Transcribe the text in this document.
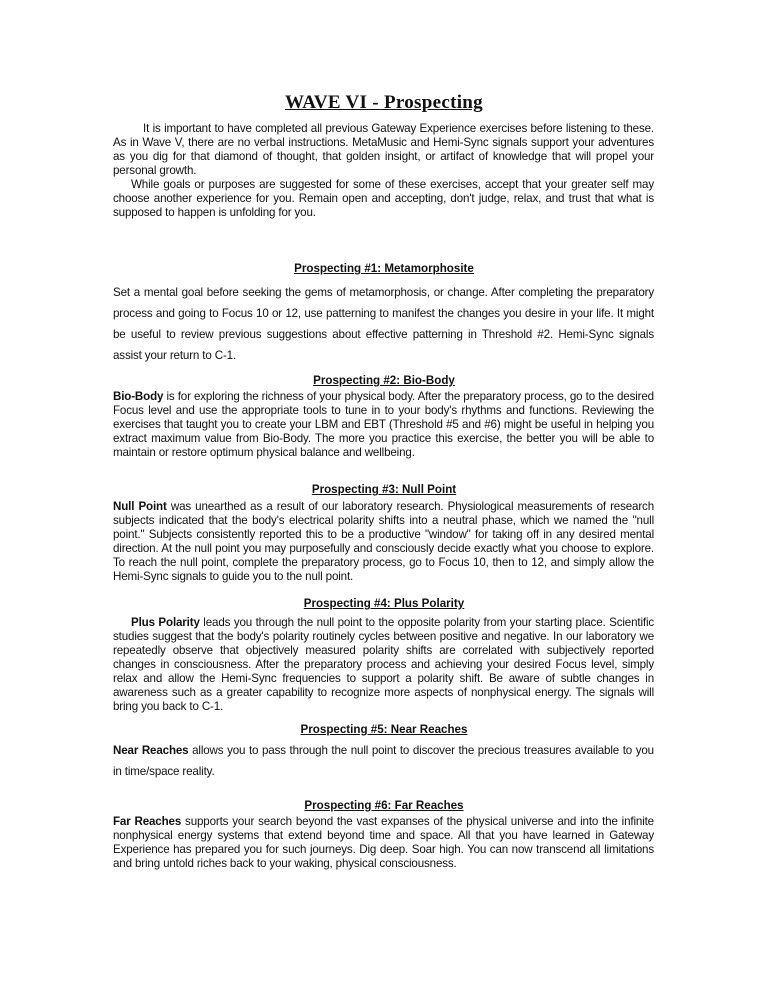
WAVE VI - Prospecting

It is important to have completed all previous Gateway Experience exercises before listening to these. As in Wave V, there are no verbal instructions. MetaMusic and Hemi-Sync signals support your adventures as you dig for that diamond of thought, that golden insight, or artifact of knowledge that will propel your personal growth.

While goals or purposes are suggested for some of these exercises, accept that your greater self may choose another experience for you. Remain open and accepting, don't judge, relax, and trust that what is supposed to happen is unfolding for you.

Prospecting #1: Metamorphosite

Set a mental goal before seeking the gems of metamorphosis, or change. After completing the preparatory process and going to Focus 10 or 12, use patterning to manifest the changes you desire in your life. It might be useful to review previous suggestions about effective patterning in Threshold #2. Hemi-Sync signals assist your return to C-1.

Prospecting #2: Bio-Body

Bio-Body is for exploring the richness of your physical body. After the preparatory process, go to the desired Focus level and use the appropriate tools to tune in to your body's rhythms and functions. Reviewing the exercises that taught you to create your LBM and EBT (Threshold #5 and #6) might be useful in helping you extract maximum value from Bio-Body. The more you practice this exercise, the better you will be able to maintain or restore optimum physical balance and wellbeing.

Prospecting #3: Null Point

Null Point was unearthed as a result of our laboratory research. Physiological measurements of research subjects indicated that the body's electrical polarity shifts into a neutral phase, which we named the "null point." Subjects consistently reported this to be a productive "window" for taking off in any desired mental direction. At the null point you may purposefully and consciously decide exactly what you choose to explore. To reach the null point, complete the preparatory process, go to Focus 10, then to 12, and simply allow the Hemi-Sync signals to guide you to the null point.

Prospecting #4: Plus Polarity

Plus Polarity leads you through the null point to the opposite polarity from your starting place. Scientific studies suggest that the body's polarity routinely cycles between positive and negative. In our laboratory we repeatedly observe that objectively measured polarity shifts are correlated with subjectively reported changes in consciousness. After the preparatory process and achieving your desired Focus level, simply relax and allow the Hemi-Sync frequencies to support a polarity shift. Be aware of subtle changes in awareness such as a greater capability to recognize more aspects of nonphysical energy. The signals will bring you back to C-1.

Prospecting #5: Near Reaches

Near Reaches allows you to pass through the null point to discover the precious treasures available to you in time/space reality.

Prospecting #6: Far Reaches

Far Reaches supports your search beyond the vast expanses of the physical universe and into the infinite nonphysical energy systems that extend beyond time and space. All that you have learned in Gateway Experience has prepared you for such journeys. Dig deep. Soar high. You can now transcend all limitations and bring untold riches back to your waking, physical consciousness.
